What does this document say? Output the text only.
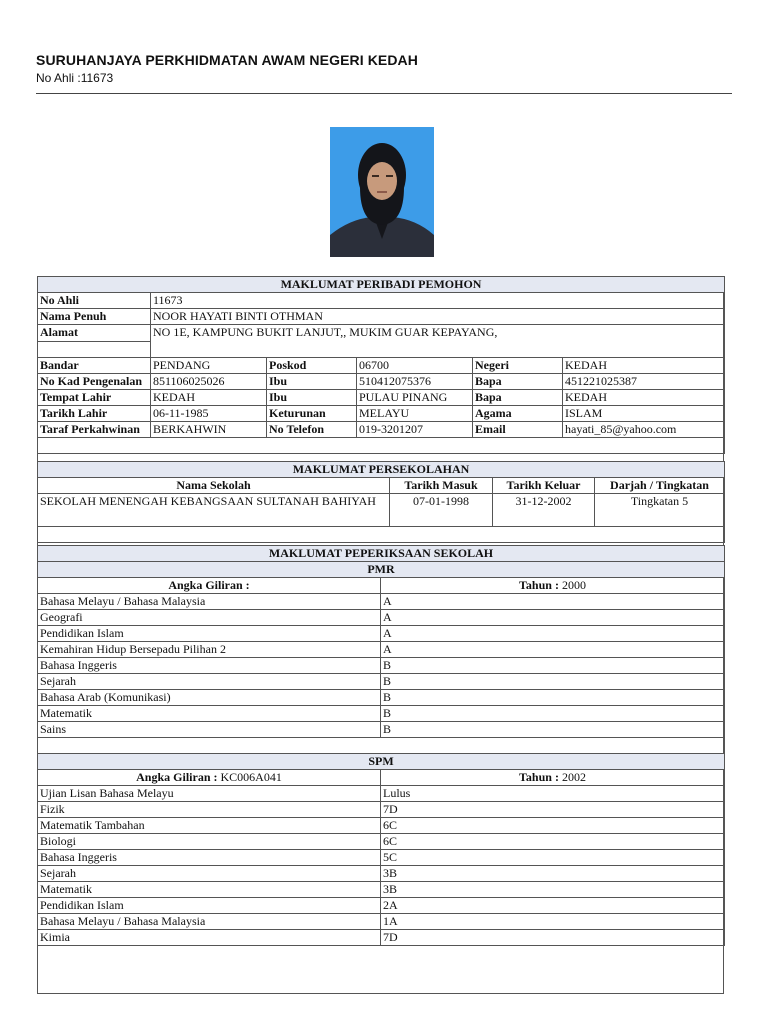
SURUHANJAYA PERKHIDMATAN AWAM NEGERI KEDAH
No Ahli :11673
MAKLUMAT PERIBADI PEMOHON					
No Ahli	11673				
Nama Penuh	NOOR HAYATI BINTI OTHMAN				
Alamat	NO 1E, KAMPUNG BUKIT LANJUT,, MUKIM GUAR KEPAYANG,				

Bandar	PENDANG	Poskod	06700	Negeri	KEDAH
No Kad Pengenalan	851106025026	Ibu	510412075376	Bapa	451221025387
Tempat Lahir	KEDAH	Ibu	PULAU PINANG	Bapa	KEDAH
Tarikh Lahir	06-11-1985	Keturunan	MELAYU	Agama	ISLAM
Taraf Perkahwinan	BERKAHWIN	No Telefon	019-3201207	Email	hayati_85@yahoo.com

MAKLUMAT PERSEKOLAHAN			
Nama Sekolah	Tarikh Masuk	Tarikh Keluar	Darjah / Tingkatan
SEKOLAH MENENGAH KEBANGSAAN SULTANAH BAHIYAH	07-01-1998	31-12-2002	Tingkatan 5

MAKLUMAT PEPERIKSAAN SEKOLAH	
PMR	
Angka Giliran :	Tahun : 2000
Bahasa Melayu / Bahasa Malaysia	A
Geografi	A
Pendidikan Islam	A
Kemahiran Hidup Bersepadu Pilihan 2	A
Bahasa Inggeris	B
Sejarah	B
Bahasa Arab (Komunikasi)	B
Matematik	B
Sains	B

SPM	
Angka Giliran : KC006A041	Tahun : 2002
Ujian Lisan Bahasa Melayu	Lulus
Fizik	7D
Matematik Tambahan	6C
Biologi	6C
Bahasa Inggeris	5C
Sejarah	3B
Matematik	3B
Pendidikan Islam	2A
Bahasa Melayu / Bahasa Malaysia	1A
Kimia	7D
